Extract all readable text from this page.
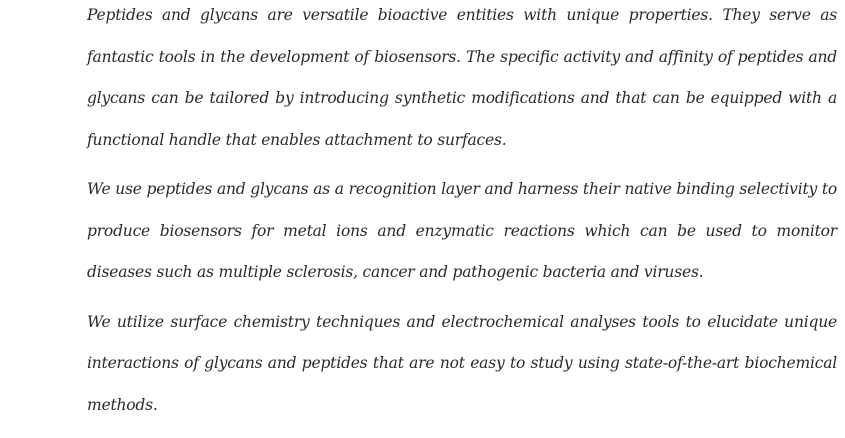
Peptides and glycans are versatile bioactive entities with unique properties. They serve as fantastic tools in the development of biosensors. The specific activity and affinity of peptides and glycans can be tailored by introducing synthetic modifications and that can be equipped with a functional handle that enables attachment to surfaces.

We use peptides and glycans as a recognition layer and harness their native binding selectivity to produce biosensors for metal ions and enzymatic reactions which can be used to monitor diseases such as multiple sclerosis, cancer and pathogenic bacteria and viruses.

We utilize surface chemistry techniques and electrochemical analyses tools to elucidate unique interactions of glycans and peptides that are not easy to study using state-of-the-art biochemical methods.
